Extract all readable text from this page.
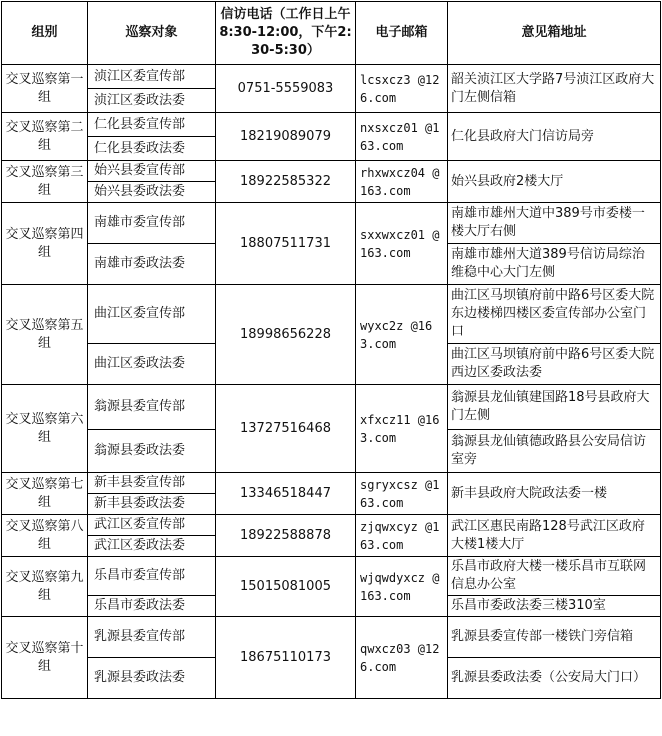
组别	巡察对象	信访电话（工作日上午8:30-12:00，下午2:30-5:30）	电子邮箱	意见箱地址
交叉巡察第一组	浈江区委宣传部	0751-5559083	lcsxcz3 @126.com	韶关浈江区大学路7号浈江区政府大门左侧信箱
	浈江区委政法委			
交叉巡察第二组	仁化县委宣传部	18219089079	nxsxcz01 @163.com	仁化县政府大门信访局旁
	仁化县委政法委			
交叉巡察第三组	始兴县委宣传部	18922585322	rhxwxcz04 @163.com	始兴县政府2楼大厅
	始兴县委政法委			
交叉巡察第四组	南雄市委宣传部	18807511731	sxxwxcz01 @163.com	南雄市雄州大道中389号市委楼一楼大厅右侧
	南雄市委政法委			南雄市雄州大道389号信访局综治维稳中心大门左侧
交叉巡察第五组	曲江区委宣传部	18998656228	wyxc2z @163.com	曲江区马坝镇府前中路6号区委大院东边楼梯四楼区委宣传部办公室门口
	曲江区委政法委			曲江区马坝镇府前中路6号区委大院西边区委政法委
交叉巡察第六组	翁源县委宣传部	13727516468	xfxcz11 @163.com	翁源县龙仙镇建国路18号县政府大门左侧
	翁源县委政法委			翁源县龙仙镇德政路县公安局信访室旁
交叉巡察第七组	新丰县委宣传部	13346518447	sgryxcsz @163.com	新丰县政府大院政法委一楼
	新丰县委政法委			
交叉巡察第八组	武江区委宣传部	18922588878	zjqwxcyz @163.com	武江区惠民南路128号武江区政府大楼1楼大厅
	武江区委政法委			
交叉巡察第九组	乐昌市委宣传部	15015081005	wjqwdyxcz @163.com	乐昌市政府大楼一楼乐昌市互联网信息办公室
	乐昌市委政法委			乐昌市委政法委三楼310室
交叉巡察第十组	乳源县委宣传部	18675110173	qwxcz03 @126.com	乳源县委宣传部一楼铁门旁信箱
	乳源县委政法委			乳源县委政法委（公安局大门口）
